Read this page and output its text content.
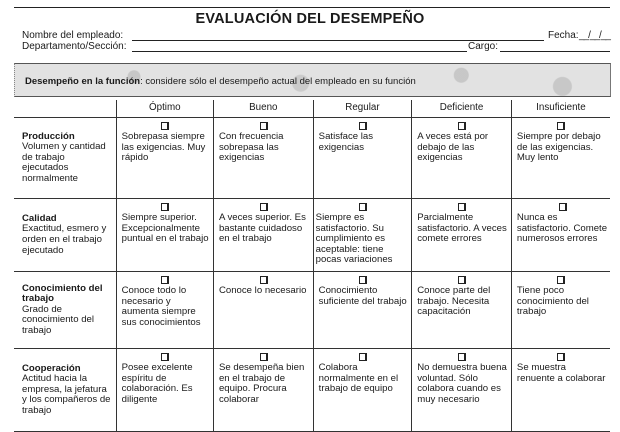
EVALUACIÓN DEL DESEMPEÑO
Nombre del empleado:	Fecha: __/__/__
Departamento/Sección:	Cargo:
Desempeño en la función: considere sólo el desempeño actual del empleado en su función
	Óptimo	Bueno	Regular	Deficiente	Insuficiente

Producción
Volumen y cantidad de trabajo ejecutados normalmente	Sobrepasa siempre las exigencias. Muy rápido	Con frecuencia sobrepasa las exigencias	Satisface las exigencias	A veces está por debajo de las exigencias	Siempre por debajo de las exigencias. Muy lento

Calidad
Exactitud, esmero y orden en el trabajo ejecutado	Siempre superior. Excepcionalmente puntual en el trabajo	A veces superior. Es bastante cuidadoso en el trabajo	Siempre es satisfactorio. Su cumplimiento es aceptable: tiene pocas variaciones	Parcialmente satisfactorio. A veces comete errores	Nunca es satisfactorio. Comete numerosos errores

Conocimiento del trabajo
Grado de conocimiento del trabajo	Conoce todo lo necesario y aumenta siempre sus conocimientos	Conoce lo necesario	Conocimiento suficiente del trabajo	Conoce parte del trabajo. Necesita capacitación	Tiene poco conocimiento del trabajo

Cooperación
Actitud hacia la empresa, la jefatura y los compañeros de trabajo	Posee excelente espíritu de colaboración. Es diligente	Se desempeña bien en el trabajo de equipo. Procura colaborar	Colabora normalmente en el trabajo de equipo	No demuestra buena voluntad. Sólo colabora cuando es muy necesario	Se muestra renuente a colaborar
